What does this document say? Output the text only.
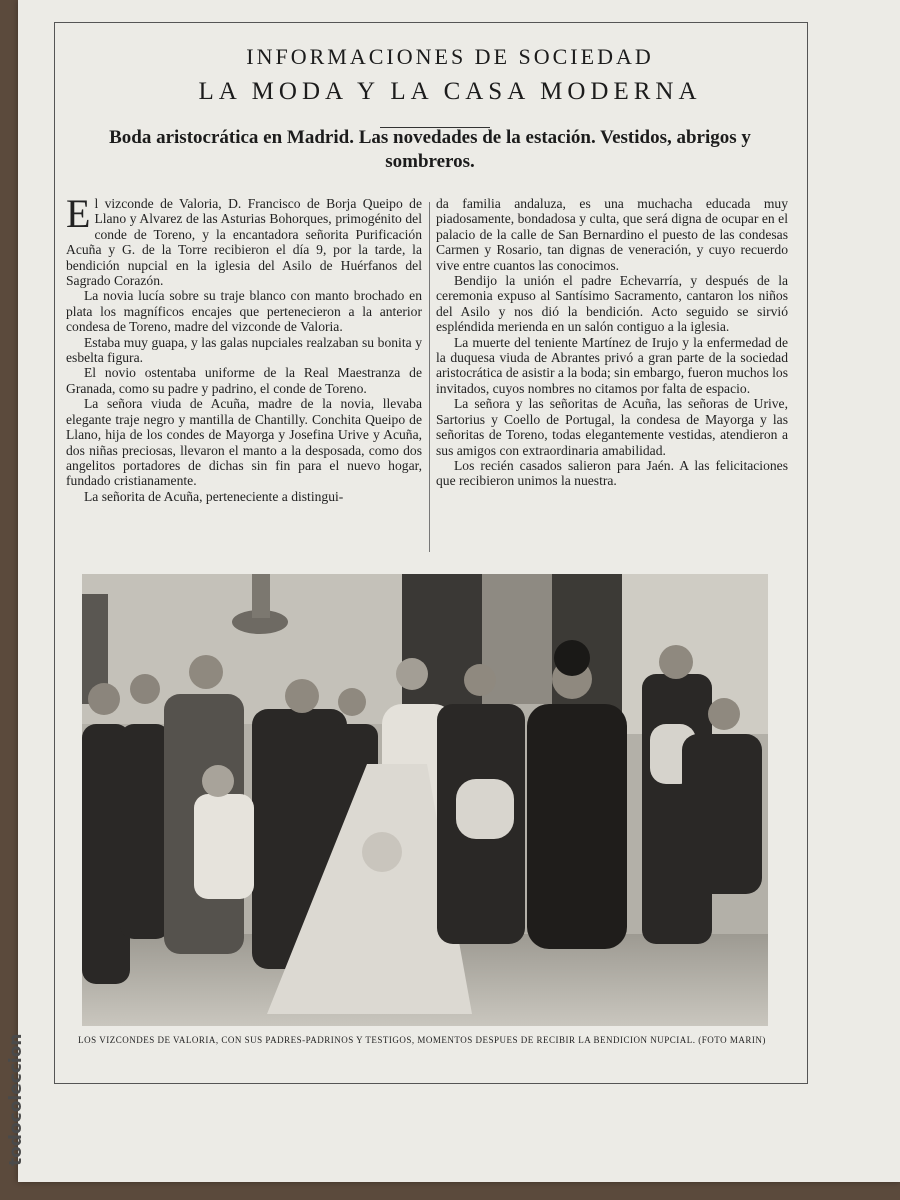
INFORMACIONES DE SOCIEDAD
LA MODA Y LA CASA MODERNA
Boda aristocrática en Madrid. Las novedades de la estación. Vestidos, abrigos y sombreros.

El vizconde de Valoria, D. Francisco de Borja Queipo de Llano y Alvarez de las Asturias Bohorques, primogénito del conde de Toreno, y la encantadora señorita Purificación Acuña y G. de la Torre recibieron el día 9, por la tarde, la bendición nupcial en la iglesia del Asilo de Huérfanos del Sagrado Corazón.

La novia lucía sobre su traje blanco con manto brochado en plata los magníficos encajes que pertenecieron a la anterior condesa de Toreno, madre del vizconde de Valoria.

Estaba muy guapa, y las galas nupciales realzaban su bonita y esbelta figura.

El novio ostentaba uniforme de la Real Maestranza de Granada, como su padre y padrino, el conde de Toreno.

La señora viuda de Acuña, madre de la novia, llevaba elegante traje negro y mantilla de Chantilly. Conchita Queipo de Llano, hija de los condes de Mayorga y Josefina Urive y Acuña, dos niñas preciosas, llevaron el manto a la desposada, como dos angelitos portadores de dichas sin fin para el nuevo hogar, fundado cristianamente.

La señorita de Acuña, perteneciente a distingui-

da familia andaluza, es una muchacha educada muy piadosamente, bondadosa y culta, que será digna de ocupar en el palacio de la calle de San Bernardino el puesto de las condesas Carmen y Rosario, tan dignas de veneración, y cuyo recuerdo vive entre cuantos las conocimos.

Bendijo la unión el padre Echevarría, y después de la ceremonia expuso al Santísimo Sacramento, cantaron los niños del Asilo y nos dió la bendición. Acto seguido se sirvió espléndida merienda en un salón contiguo a la iglesia.

La muerte del teniente Martínez de Irujo y la enfermedad de la duquesa viuda de Abrantes privó a gran parte de la sociedad aristocrática de asistir a la boda; sin embargo, fueron muchos los invitados, cuyos nombres no citamos por falta de espacio.

La señora y las señoritas de Acuña, las señoras de Urive, Sartorius y Coello de Portugal, la condesa de Mayorga y las señoritas de Toreno, todas elegantemente vestidas, atendieron a sus amigos con extraordinaria amabilidad.

Los recién casados salieron para Jaén. A las felicitaciones que recibieron unimos la nuestra.

LOS VIZCONDES DE VALORIA, CON SUS PADRES-PADRINOS Y TESTIGOS, MOMENTOS DESPUES DE RECIBIR LA BENDICION NUPCIAL. (FOTO MARIN)
todocoleccion
